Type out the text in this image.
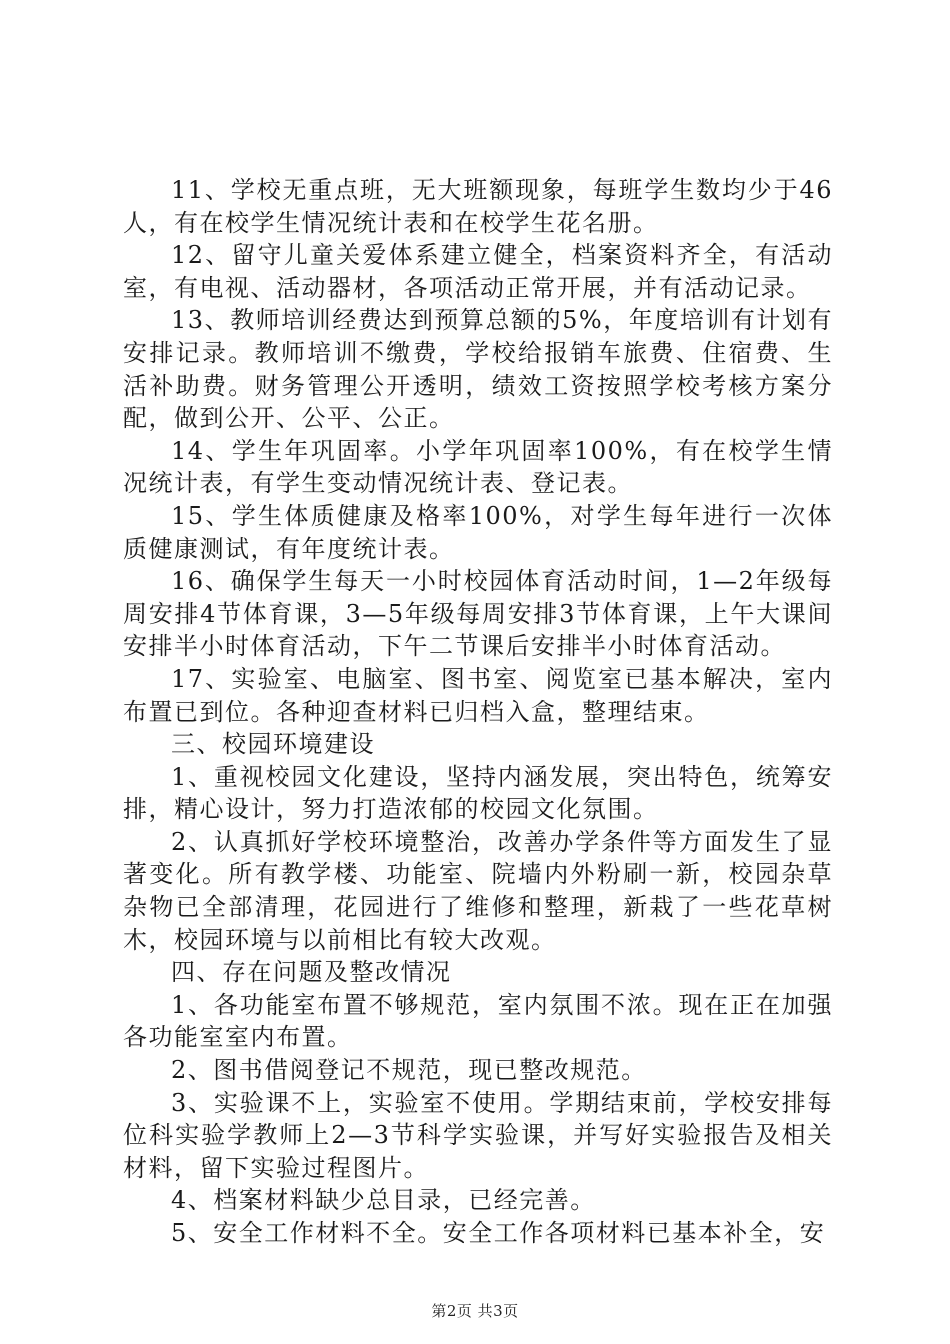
11、学校无重点班，无大班额现象，每班学生数均少于46人，有在校学生情况统计表和在校学生花名册。

12、留守儿童关爱体系建立健全，档案资料齐全，有活动室，有电视、活动器材，各项活动正常开展，并有活动记录。

13、教师培训经费达到预算总额的5%，年度培训有计划有安排记录。教师培训不缴费，学校给报销车旅费、住宿费、生活补助费。财务管理公开透明，绩效工资按照学校考核方案分配，做到公开、公平、公正。

14、学生年巩固率。小学年巩固率100%，有在校学生情况统计表，有学生变动情况统计表、登记表。

15、学生体质健康及格率100%，对学生每年进行一次体质健康测试，有年度统计表。

16、确保学生每天一小时校园体育活动时间，1—2年级每周安排4节体育课，3—5年级每周安排3节体育课，上午大课间安排半小时体育活动，下午二节课后安排半小时体育活动。

17、实验室、电脑室、图书室、阅览室已基本解决，室内布置已到位。各种迎查材料已归档入盒，整理结束。

三、校园环境建设

1、重视校园文化建设，坚持内涵发展，突出特色，统筹安排，精心设计，努力打造浓郁的校园文化氛围。

2、认真抓好学校环境整治，改善办学条件等方面发生了显著变化。所有教学楼、功能室、院墙内外粉刷一新，校园杂草杂物已全部清理，花园进行了维修和整理，新栽了一些花草树木，校园环境与以前相比有较大改观。

四、存在问题及整改情况

1、各功能室布置不够规范，室内氛围不浓。现在正在加强各功能室室内布置。

2、图书借阅登记不规范，现已整改规范。

3、实验课不上，实验室不使用。学期结束前，学校安排每位科实验学教师上2—3节科学实验课，并写好实验报告及相关材料，留下实验过程图片。

4、档案材料缺少总目录，已经完善。

5、安全工作材料不全。安全工作各项材料已基本补全，安

第2页 共3页
